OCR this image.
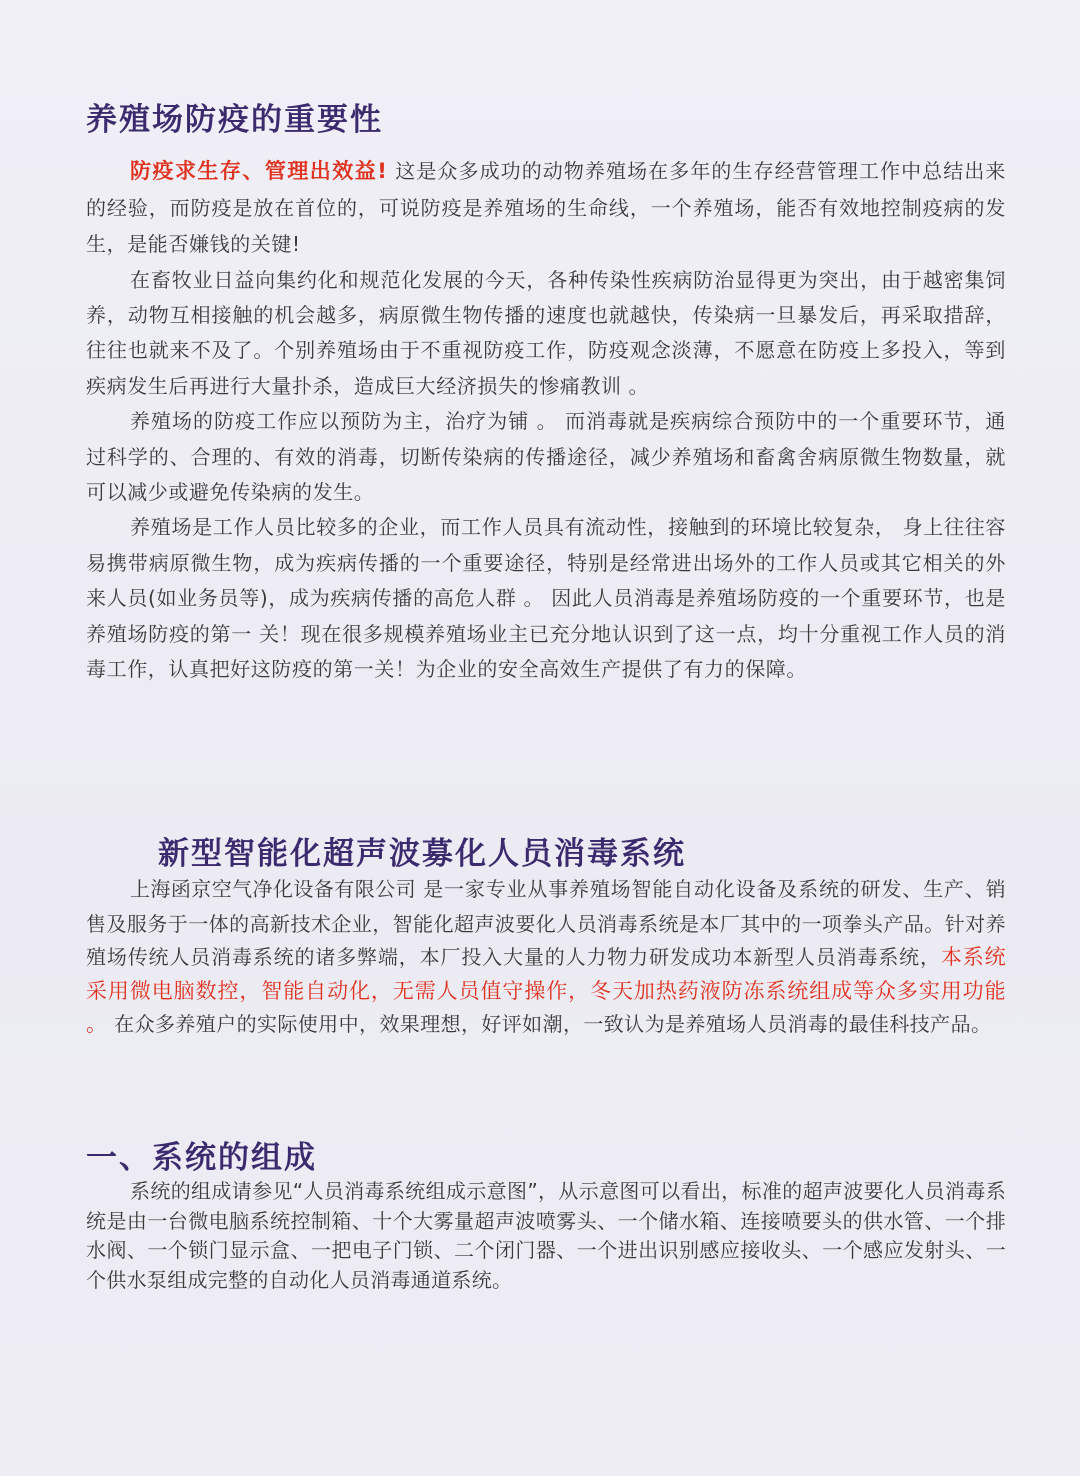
养殖场防疫的重要性

防疫求生存、管理出效益! 这是众多成功的动物养殖场在多年的生存经营管理工作中总结出来的经验，而防疫是放在首位的，可说防疫是养殖场的生命线，一个养殖场，能否有效地控制疫病的发生，是能否嫌钱的关键!

在畜牧业日益向集约化和规范化发展的今天，各种传染性疾病防治显得更为突出，由于越密集饲养，动物互相接触的机会越多，病原微生物传播的速度也就越快，传染病一旦暴发后，再采取措辞，往往也就来不及了。个别养殖场由于不重视防疫工作，防疫观念淡薄，不愿意在防疫上多投入，等到疾病发生后再进行大量扑杀，造成巨大经济损失的惨痛教训 。

养殖场的防疫工作应以预防为主，治疗为铺 。 而消毒就是疾病综合预防中的一个重要环节，通过科学的、合理的、有效的消毒，切断传染病的传播途径，减少养殖场和畜禽舍病原微生物数量，就可以减少或避免传染病的发生。

养殖场是工作人员比较多的企业，而工作人员具有流动性，接触到的环境比较复杂， 身上往往容易携带病原微生物，成为疾病传播的一个重要途径，特别是经常进出场外的工作人员或其它相关的外来人员(如业务员等)，成为疾病传播的高危人群 。 因此人员消毒是养殖场防疫的一个重要环节，也是养殖场防疫的第一 关！现在很多规模养殖场业主已充分地认识到了这一点，均十分重视工作人员的消毒工作，认真把好这防疫的第一关！为企业的安全高效生产提供了有力的保障。

新型智能化超声波募化人员消毒系统

上海函京空气净化设备有限公司 是一家专业从事养殖场智能自动化设备及系统的研发、生产、销售及服务于一体的高新技术企业，智能化超声波要化人员消毒系统是本厂其中的一项拳头产品。针对养殖场传统人员消毒系统的诸多弊端，本厂投入大量的人力物力研发成功本新型人员消毒系统，本系统采用微电脑数控，智能自动化，无需人员值守操作，冬天加热药液防冻系统组成等众多实用功能 。 在众多养殖户的实际使用中，效果理想，好评如潮，一致认为是养殖场人员消毒的最佳科技产品。

一、系统的组成

系统的组成请参见“人员消毒系统组成示意图”，从示意图可以看出，标准的超声波要化人员消毒系统是由一台微电脑系统控制箱、十个大雾量超声波喷雾头、一个储水箱、连接喷要头的供水管、一个排水阀、一个锁门显示盒、一把电子门锁、二个闭门器、一个进出识别感应接收头、一个感应发射头、一个供水泵组成完整的自动化人员消毒通道系统。
